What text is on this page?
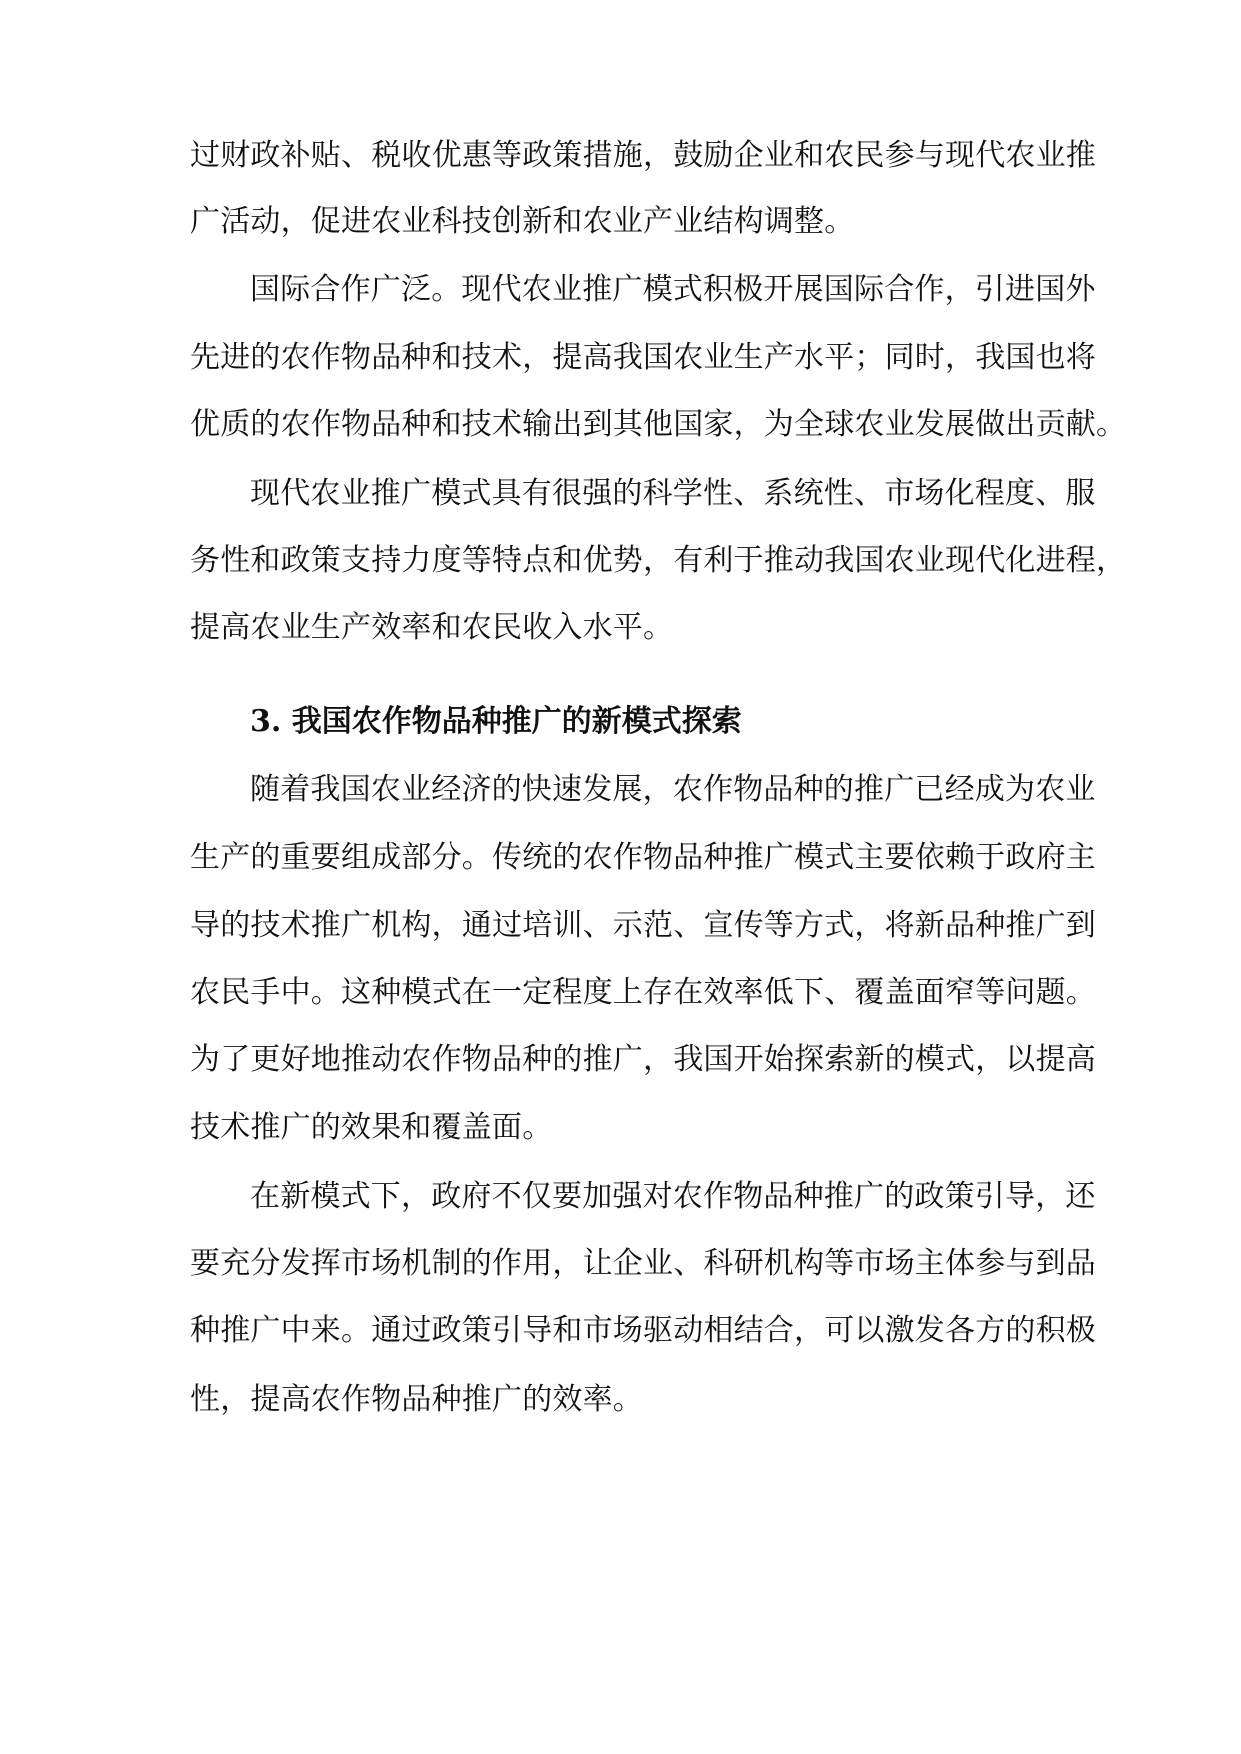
过财政补贴、税收优惠等政策措施，鼓励企业和农民参与现代农业推
广活动，促进农业科技创新和农业产业结构调整。
国际合作广泛。现代农业推广模式积极开展国际合作，引进国外
先进的农作物品种和技术，提高我国农业生产水平；同时，我国也将
优质的农作物品种和技术输出到其他国家，为全球农业发展做出贡献。
现代农业推广模式具有很强的科学性、系统性、市场化程度、服
务性和政策支持力度等特点和优势，有利于推动我国农业现代化进程，
提高农业生产效率和农民收入水平。
3. 我国农作物品种推广的新模式探索
随着我国农业经济的快速发展，农作物品种的推广已经成为农业
生产的重要组成部分。传统的农作物品种推广模式主要依赖于政府主
导的技术推广机构，通过培训、示范、宣传等方式，将新品种推广到
农民手中。这种模式在一定程度上存在效率低下、覆盖面窄等问题。
为了更好地推动农作物品种的推广，我国开始探索新的模式，以提高
技术推广的效果和覆盖面。
在新模式下，政府不仅要加强对农作物品种推广的政策引导，还
要充分发挥市场机制的作用，让企业、科研机构等市场主体参与到品
种推广中来。通过政策引导和市场驱动相结合，可以激发各方的积极
性，提高农作物品种推广的效率。
